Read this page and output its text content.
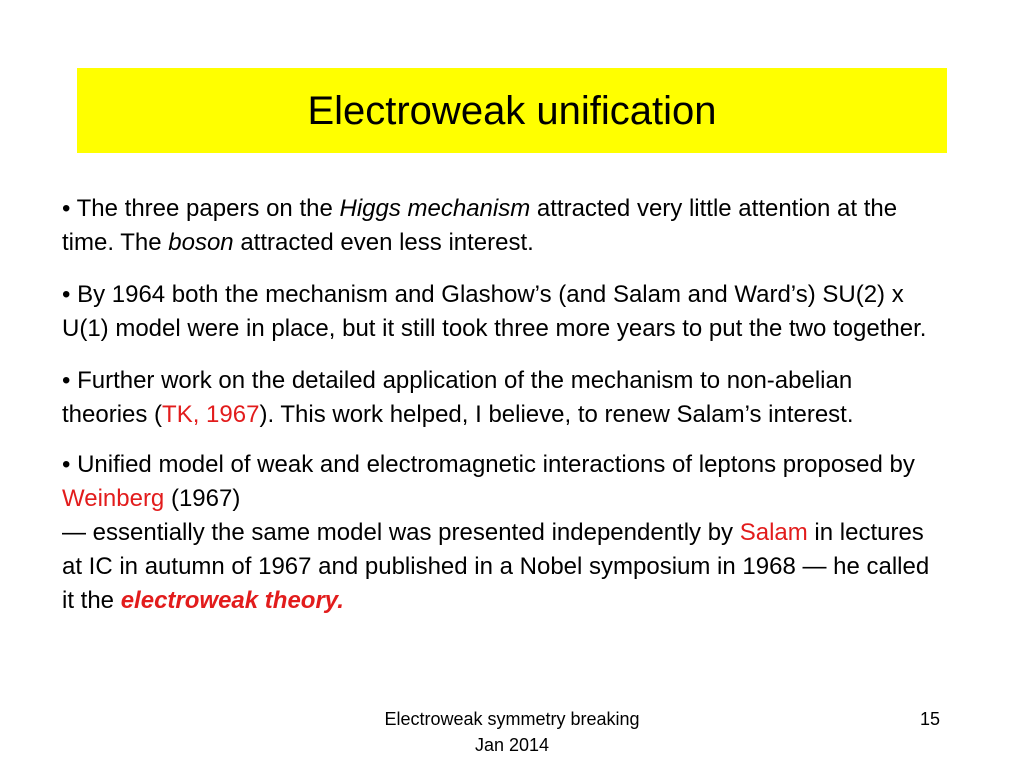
Electroweak unification

• The three papers on the Higgs mechanism attracted very little attention at the time. The boson attracted even less interest.

• By 1964 both the mechanism and Glashow’s (and Salam and Ward’s) SU(2) x U(1) model were in place, but it still took three more years to put the two together.

• Further work on the detailed application of the mechanism to non-abelian theories (TK, 1967). This work helped, I believe, to renew Salam’s interest.

• Unified model of weak and electromagnetic interactions of leptons proposed by Weinberg (1967)
— essentially the same model was presented independently by Salam in lectures at IC in autumn of 1967 and published in a Nobel symposium in 1968 — he called it the electroweak theory.

Electroweak symmetry breaking
Jan 2014
15
